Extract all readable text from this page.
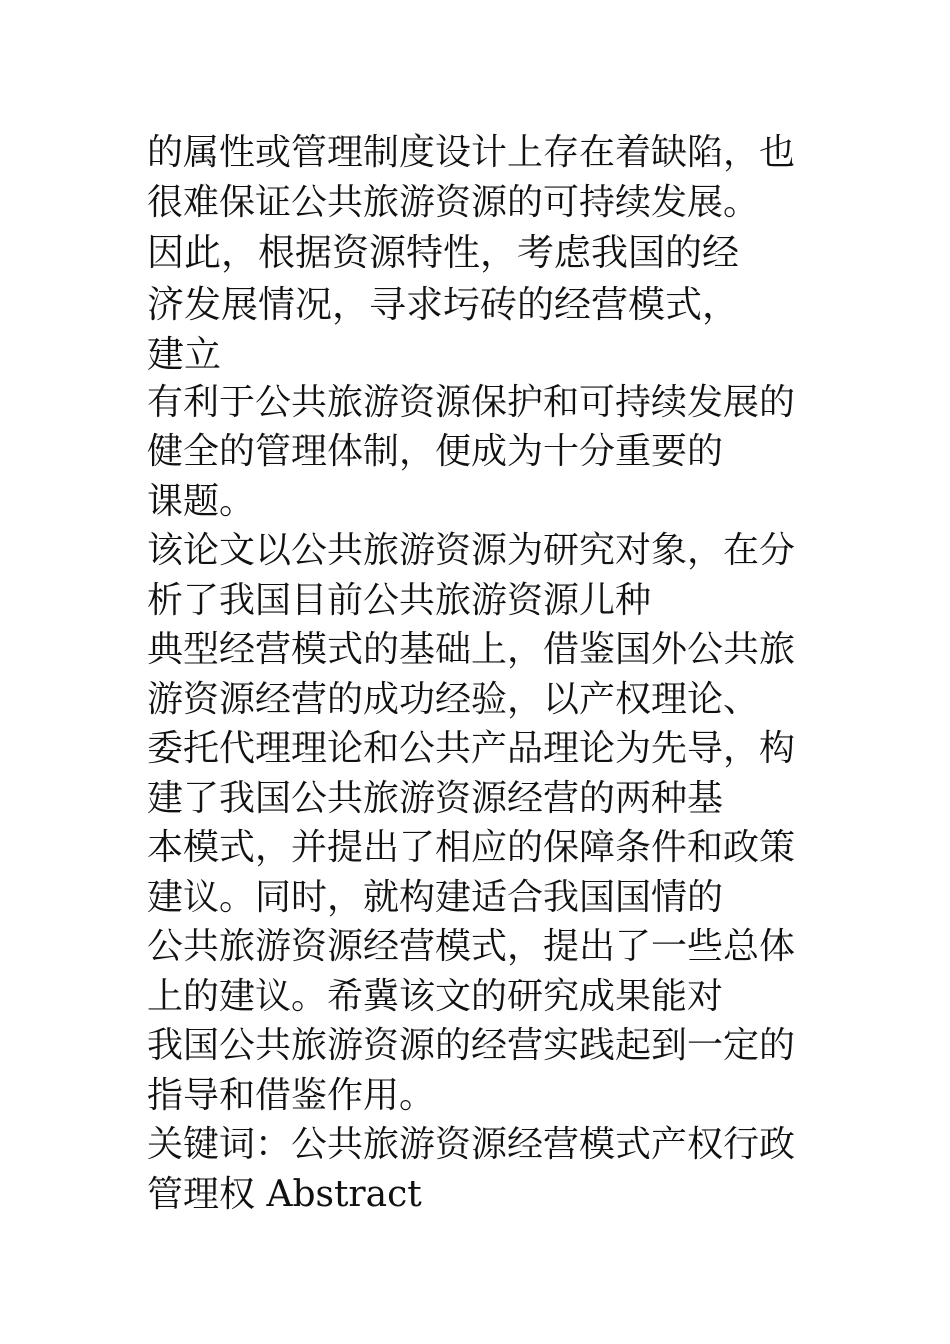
的属性或管理制度设计上存在着缺陷，也
很难保证公共旅游资源的可持续发展。
因此，根据资源特性，考虑我国的经
济发展情况，寻求圬砖的经营模式，
建立
有利于公共旅游资源保护和可持续发展的
健全的管理体制，便成为十分重要的
课题。
该论文以公共旅游资源为研究对象，在分
析了我国目前公共旅游资源儿种
典型经营模式的基础上，借鉴国外公共旅
游资源经营的成功经验，以产权理论、
委托代理理论和公共产品理论为先导，构
建了我国公共旅游资源经营的两种基
本模式，并提出了相应的保障条件和政策
建议。同时，就构建适合我国国情的
公共旅游资源经营模式，提出了一些总体
上的建议。希冀该文的研究成果能对
我国公共旅游资源的经营实践起到一定的
指导和借鉴作用。
关键词：公共旅游资源经营模式产权行政
管理权 Abstract
